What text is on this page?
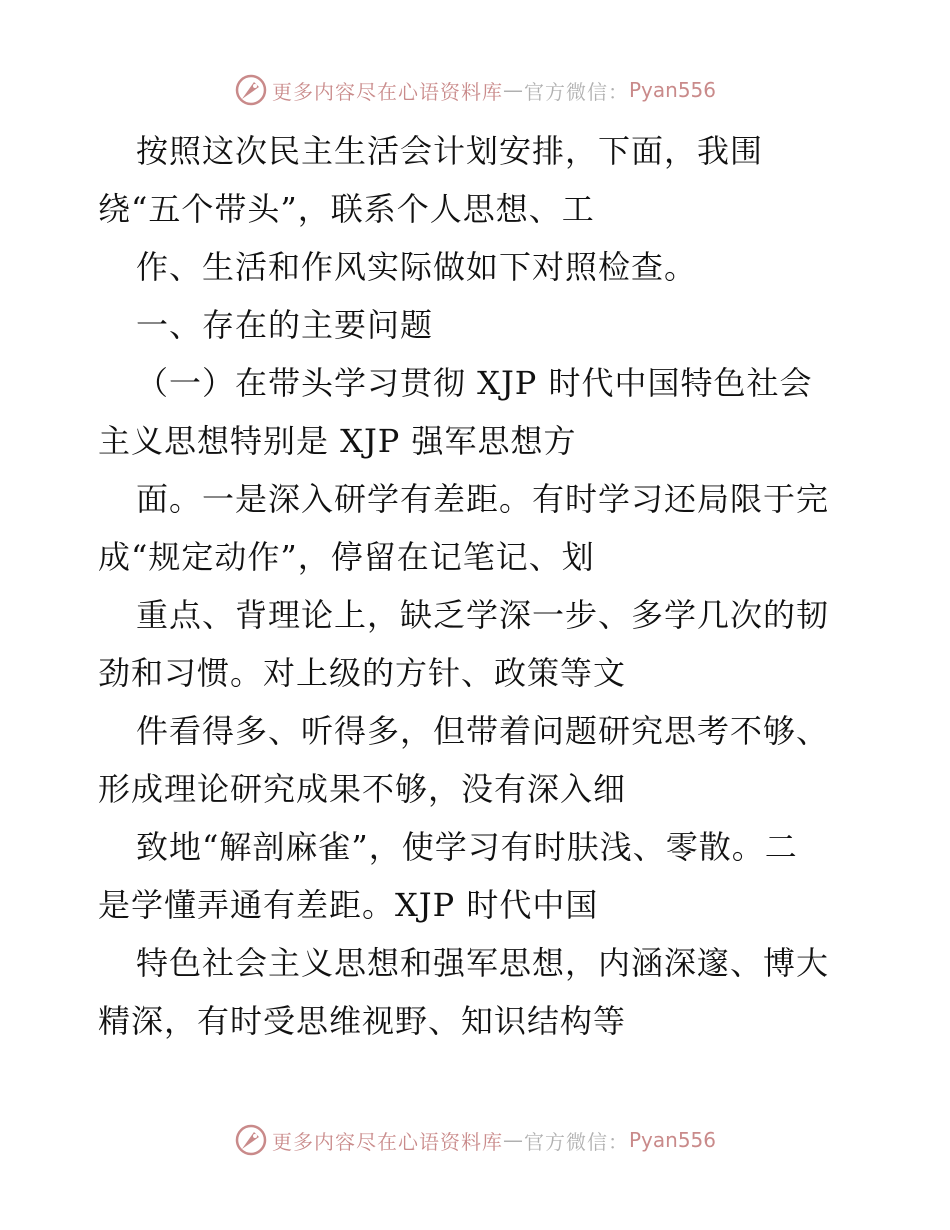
更多内容尽在心语资料库 — 官方微信： Pyan556
按照这次民主生活会计划安排，下面，我围
绕“五个带头”，联系个人思想、工
作、生活和作风实际做如下对照检查。
一、存在的主要问题
（一）在带头学习贯彻 XJP 时代中国特色社会
主义思想特别是 XJP 强军思想方
面。一是深入研学有差距。有时学习还局限于完
成“规定动作”，停留在记笔记、划
重点、背理论上，缺乏学深一步、多学几次的韧
劲和习惯。对上级的方针、政策等文
件看得多、听得多，但带着问题研究思考不够、
形成理论研究成果不够，没有深入细
致地“解剖麻雀”，使学习有时肤浅、零散。二
是学懂弄通有差距。XJP 时代中国
特色社会主义思想和强军思想，内涵深邃、博大
精深，有时受思维视野、知识结构等
更多内容尽在心语资料库 — 官方微信： Pyan556
